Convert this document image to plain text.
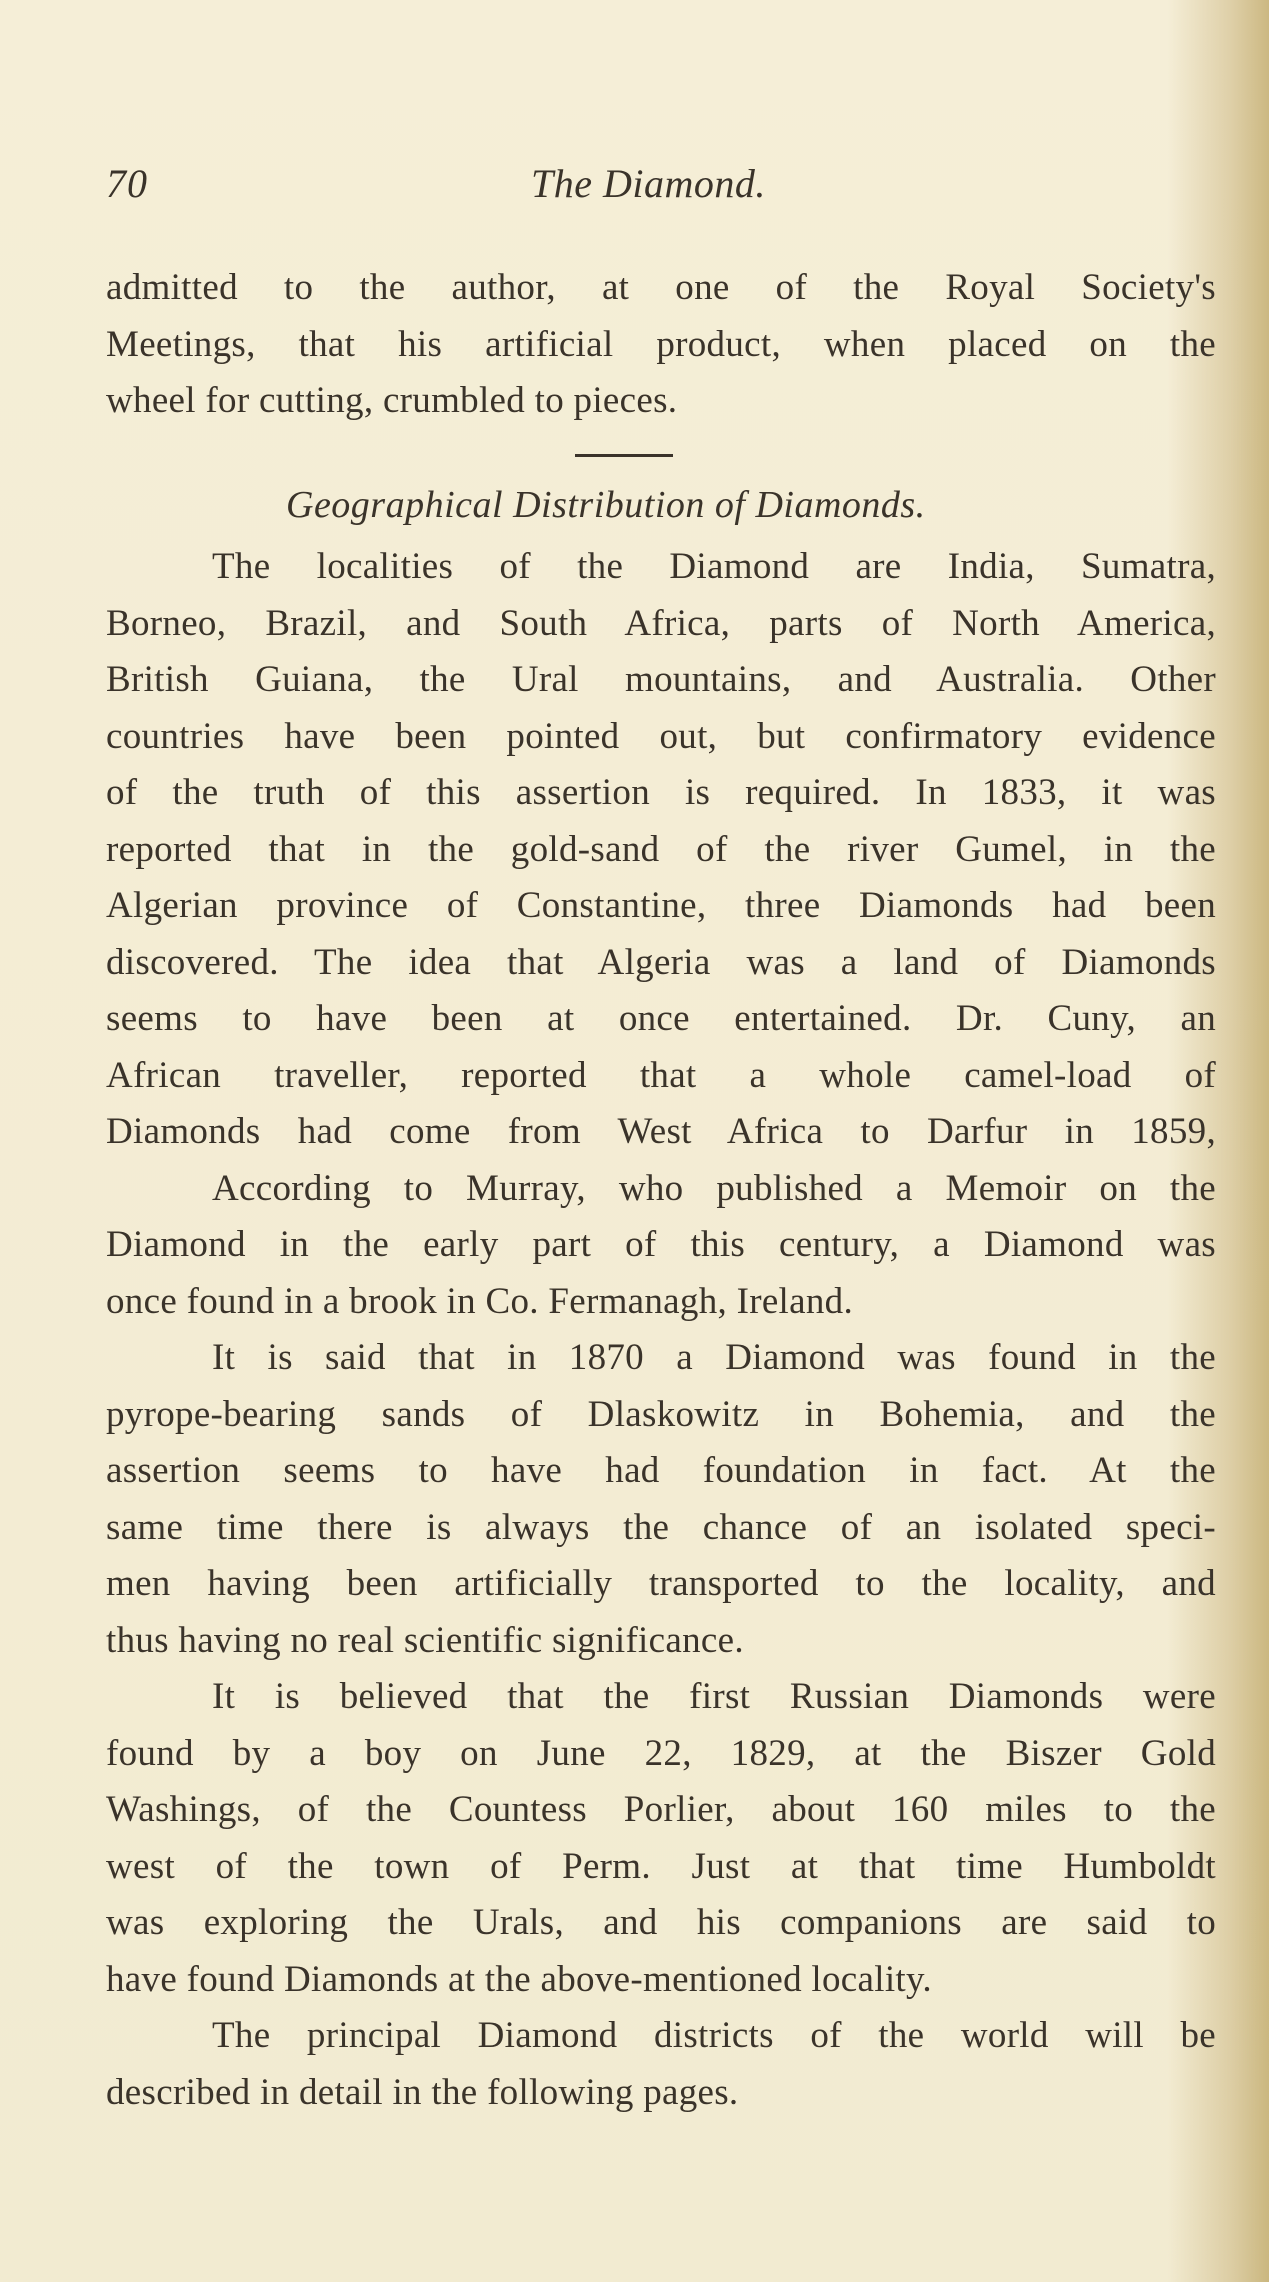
70	The Diamond.
admitted to the author, at one of the Royal Society's
Meetings, that his artificial product, when placed on the
wheel for cutting, crumbled to pieces.
Geographical Distribution of Diamonds.
The localities of the Diamond are India, Sumatra,
Borneo, Brazil, and South Africa, parts of North America,
British Guiana, the Ural mountains, and Australia. Other
countries have been pointed out, but confirmatory evidence
of the truth of this assertion is required. In 1833, it was
reported that in the gold-sand of the river Gumel, in the
Algerian province of Constantine, three Diamonds had been
discovered. The idea that Algeria was a land of Diamonds
seems to have been at once entertained. Dr. Cuny, an
African traveller, reported that a whole camel-load of
Diamonds had come from West Africa to Darfur in 1859,
According to Murray, who published a Memoir on the
Diamond in the early part of this century, a Diamond was
once found in a brook in Co. Fermanagh, Ireland.
It is said that in 1870 a Diamond was found in the
pyrope-bearing sands of Dlaskowitz in Bohemia, and the
assertion seems to have had foundation in fact. At the
same time there is always the chance of an isolated speci-
men having been artificially transported to the locality, and
thus having no real scientific significance.
It is believed that the first Russian Diamonds were
found by a boy on June 22, 1829, at the Biszer Gold
Washings, of the Countess Porlier, about 160 miles to the
west of the town of Perm. Just at that time Humboldt
was exploring the Urals, and his companions are said to
have found Diamonds at the above-mentioned locality.
The principal Diamond districts of the world will be
described in detail in the following pages.
